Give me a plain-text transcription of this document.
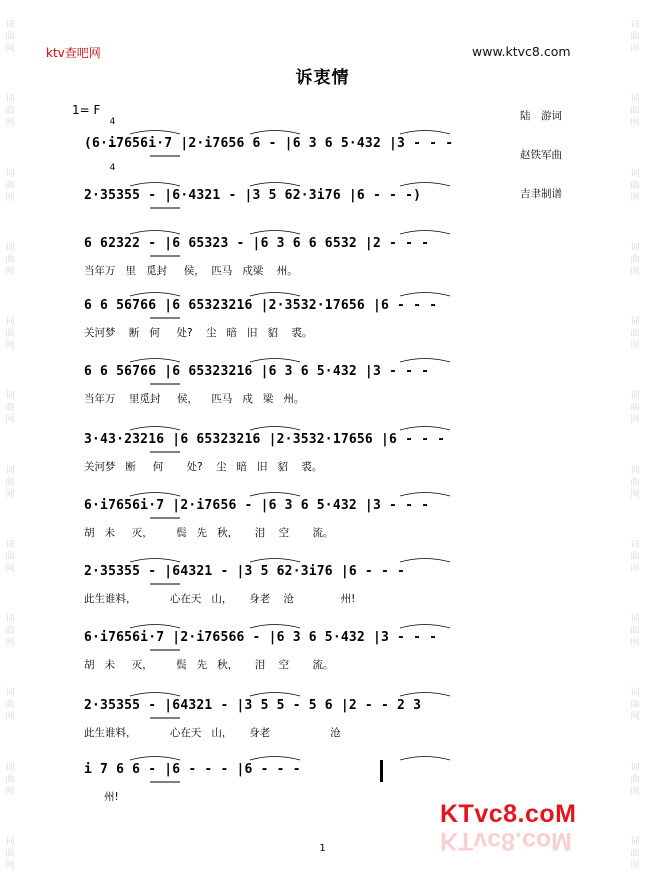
词
曲
网
词
曲
网
词
曲
网
词
曲
网
词
曲
网
词
曲
网
词
曲
网
词
曲
网
词
曲
网
词
曲
网
词
曲
网
词
曲
网
词
曲
网
词
曲
网
词
曲
网
词
曲
网
词
曲
网
词
曲
网
词
曲
网
词
曲
网
词
曲
网
词
曲
网
词
曲
网
词
曲
网
ktv查吧网	www.ktvc8.com
诉衷情

陆　游词

赵铁军曲

吉聿制谱

1= F

4

4

(6·i7656i·7 |2·i7656 6 - |6 3 6 5·432 |3 - - -
2·35355 - |6·4321 - |3 5 62·3i76 |6 - - -)
6 62322 - |6 65323 - |6 3 6 6 6532 |2 - - -
当年万   里   觅封     侯，  匹马   戍梁    州。
6 6 56766 |6 65323216 |2·3532·17656 |6 - - -
关河梦    断   何     处?    尘   暗   旧   貂    裘。
6 6 56766 |6 65323216 |6 3 6 5·432 |3 - - -
当年万    里觅封     侯，    匹马   戍   梁   州。
3·43·23216 |6 65323216 |2·3532·17656 |6 - - -
关河梦   断     何       处?    尘   暗   旧   貂    裘。
6·i7656i·7 |2·i7656 - |6 3 6 5·432 |3 - - -
胡   未     灭，       鬓   先   秋，     泪    空       流。
2·35355 - |64321 - |3 5 62·3i76 |6 - - -
此生谁料，          心在天   山，     身老    沧              州!
6·i7656i·7 |2·i76566 - |6 3 6 5·432 |3 - - -
胡   未     灭，       鬓   先   秋，     泪    空       流。
2·35355 - |64321 - |3 5 5 - 5 6 |2 - - 2 3
此生谁料，          心在天   山，     身老                  沧
i 7 6 6 - |6 - - - |6 - - -
州!
1
KTvc8.coM
KTvc8.coM
